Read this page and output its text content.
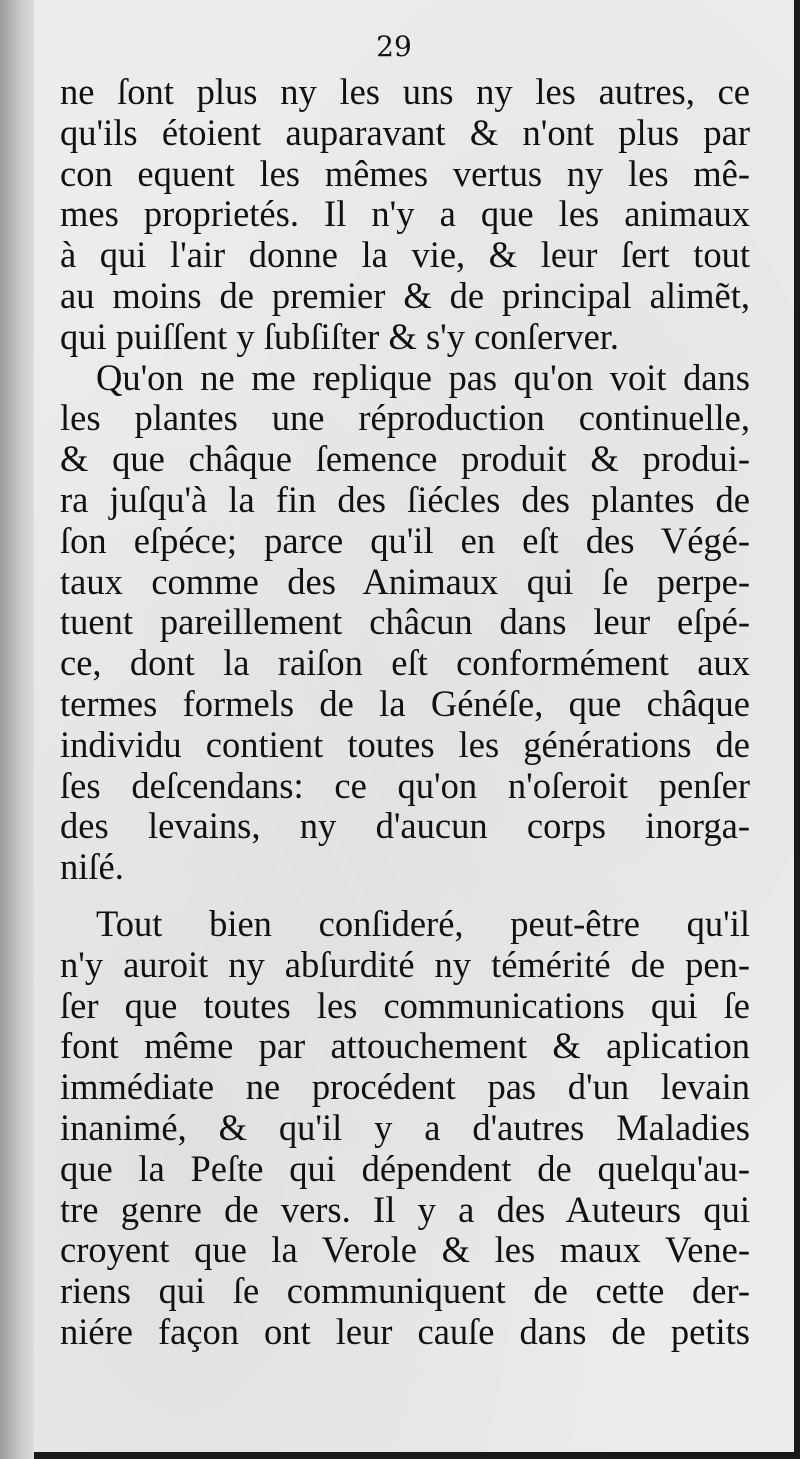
29
ne ſont plus ny les uns ny les autres, ce
qu'ils étoient auparavant & n'ont plus par
con equent les mêmes vertus ny les mê-
mes proprietés. Il n'y a que les animaux
à qui l'air donne la vie, & leur ſert tout
au moins de premier & de principal alimẽt,
qui puiſſent y ſubſiſter & s'y conſerver.
Qu'on ne me replique pas qu'on voit dans
les plantes une réproduction continuelle,
& que châque ſemence produit & produi-
ra juſqu'à la fin des ſiécles des plantes de
ſon eſpéce; parce qu'il en eſt des Végé-
taux comme des Animaux qui ſe perpe-
tuent pareillement châcun dans leur eſpé-
ce, dont la raiſon eſt conformément aux
termes formels de la Généſe, que châque
individu contient toutes les générations de
ſes deſcendans: ce qu'on n'oſeroit penſer
des levains, ny d'aucun corps inorga-
niſé.
Tout bien conſideré, peut-être qu'il
n'y auroit ny abſurdité ny témérité de pen-
ſer que toutes les communications qui ſe
font même par attouchement & aplication
immédiate ne procédent pas d'un levain
inanimé, & qu'il y a d'autres Maladies
que la Peſte qui dépendent de quelqu'au-
tre genre de vers. Il y a des Auteurs qui
croyent que la Verole & les maux Vene-
riens qui ſe communiquent de cette der-
niére façon ont leur cauſe dans de petits
